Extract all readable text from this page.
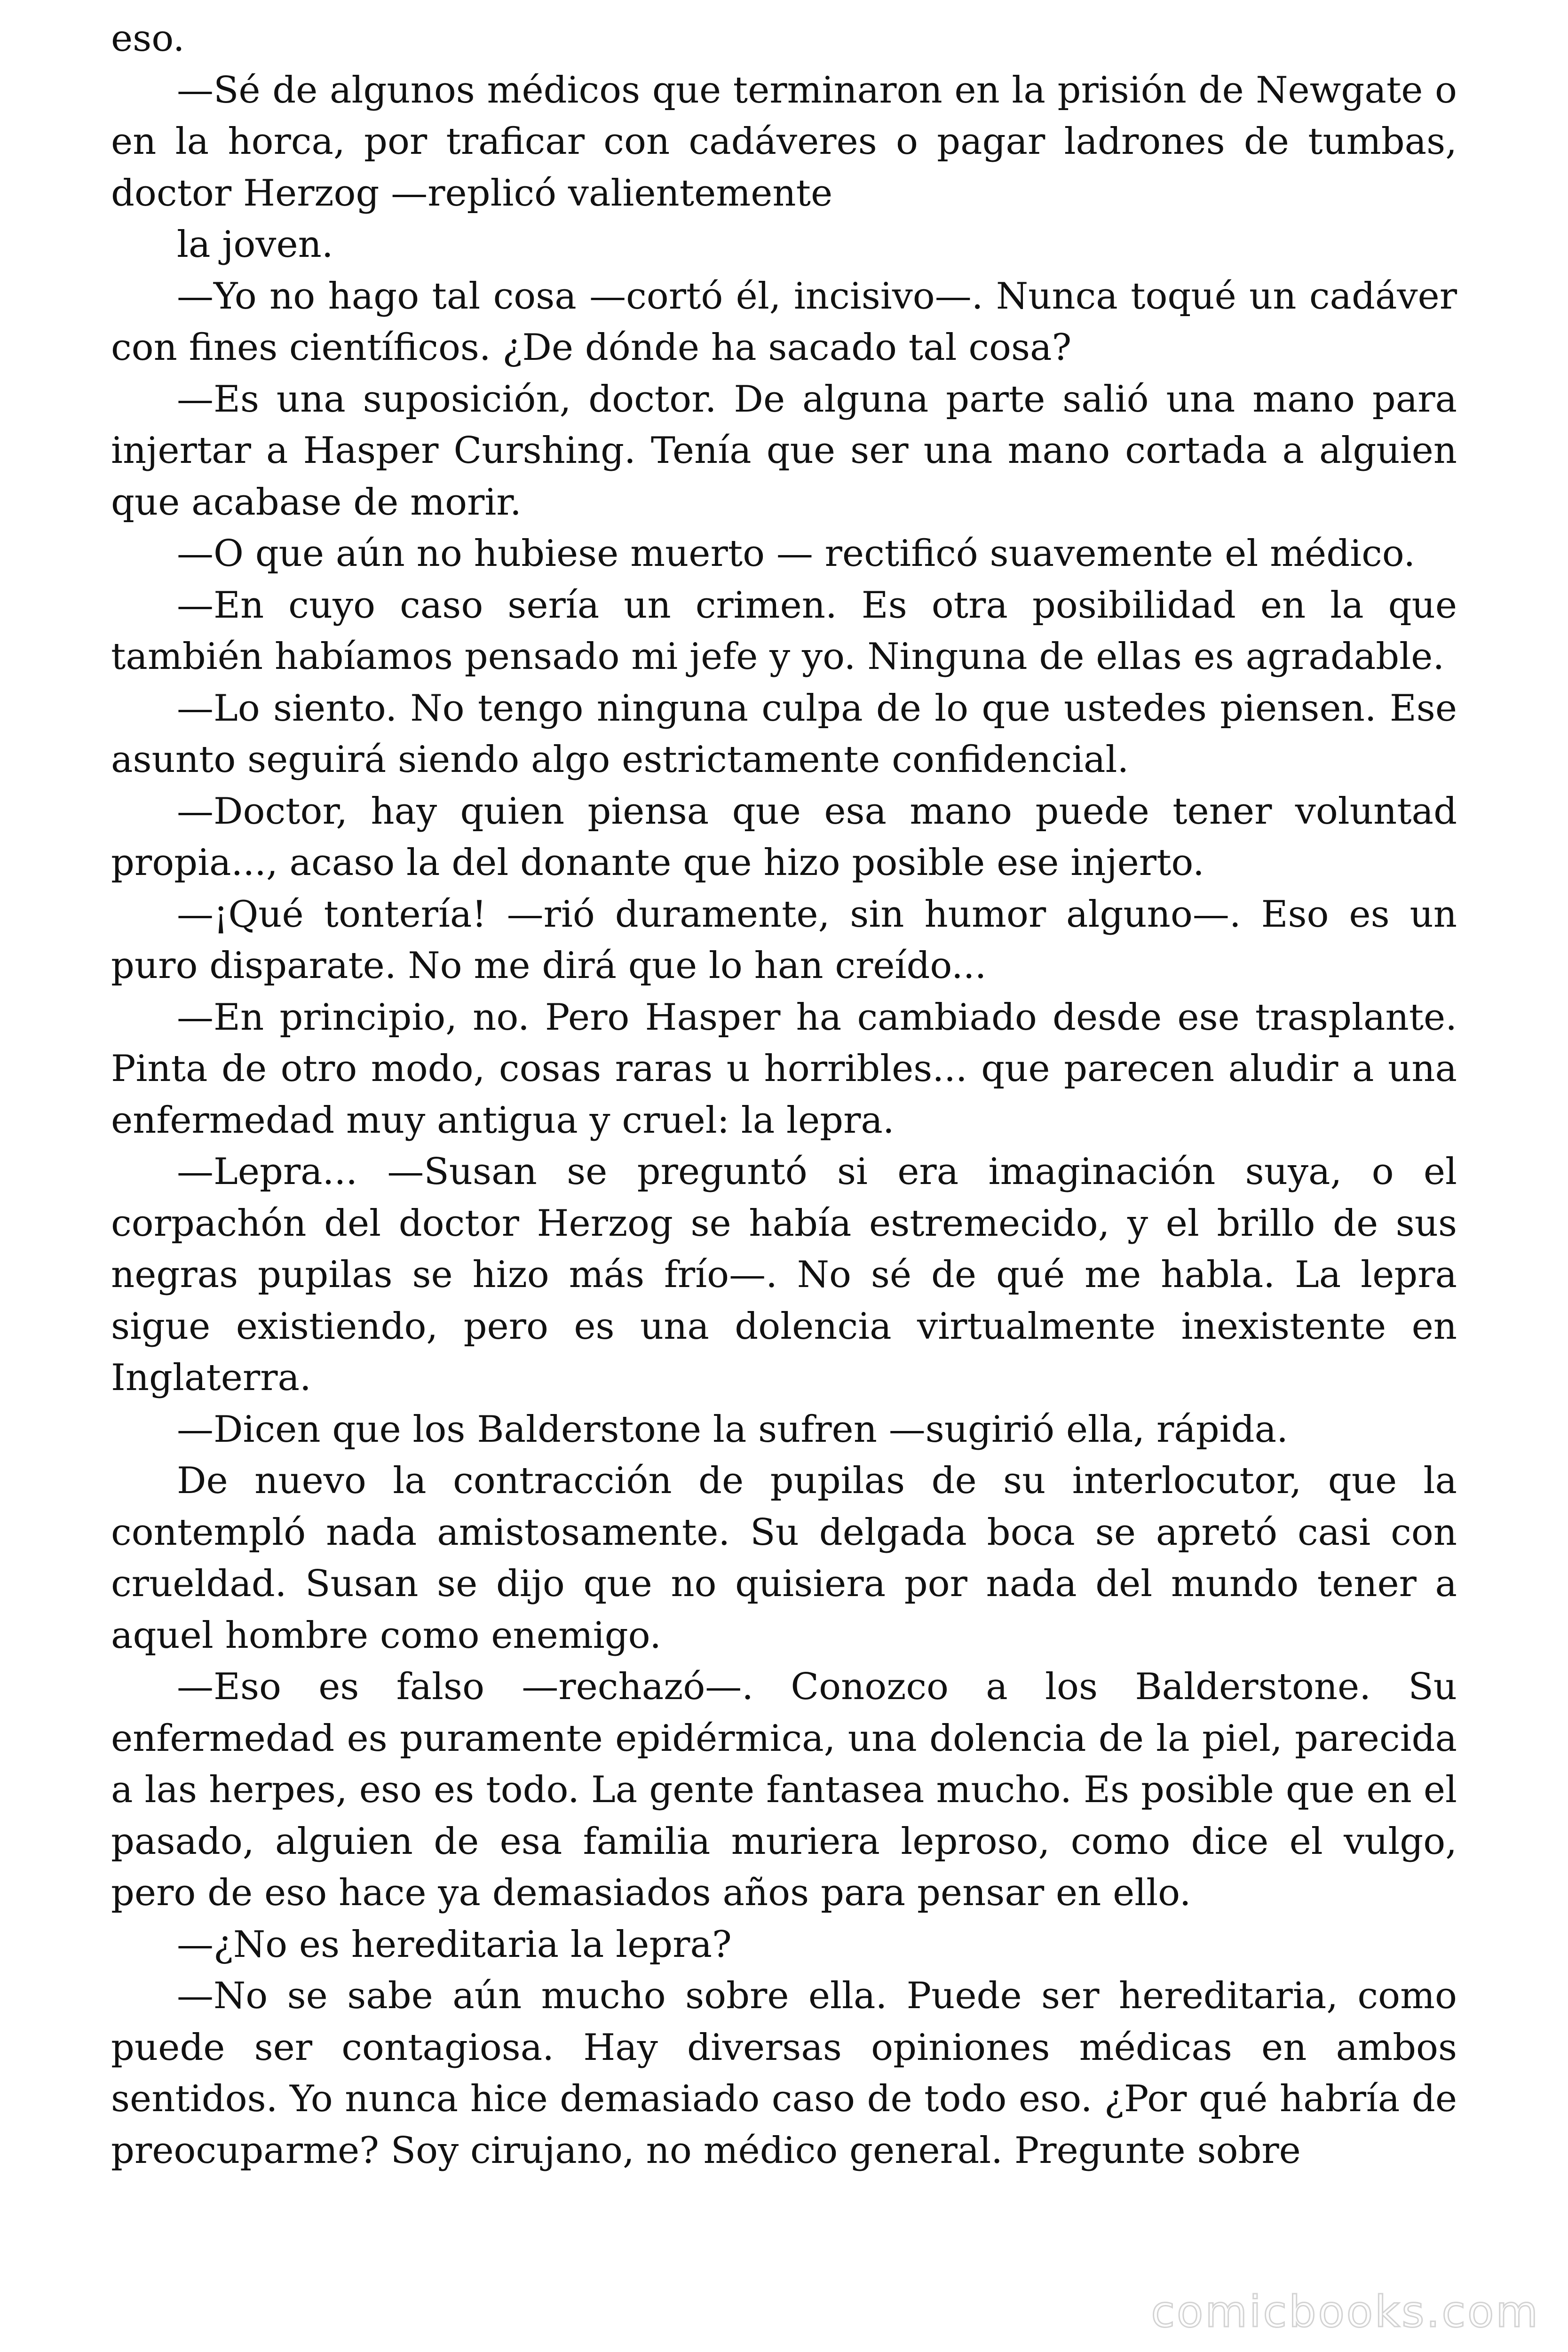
eso.

—Sé de algunos médicos que terminaron en la prisión de Newgate o en la horca, por traficar con cadáveres o pagar ladrones de tumbas, doctor Herzog —replicó valientemente

la joven.

—Yo no hago tal cosa —cortó él, incisivo—. Nunca toqué un cadáver con fines científicos. ¿De dónde ha sacado tal cosa?

—Es una suposición, doctor. De alguna parte salió una mano para injertar a Hasper Curshing. Tenía que ser una mano cortada a alguien que acabase de morir.

—O que aún no hubiese muerto — rectificó suavemente el médico.

—En cuyo caso sería un crimen. Es otra posibilidad en la que también habíamos pensado mi jefe y yo. Ninguna de ellas es agradable.

—Lo siento. No tengo ninguna culpa de lo que ustedes piensen. Ese asunto seguirá siendo algo estrictamente confidencial.

—Doctor, hay quien piensa que esa mano puede tener voluntad propia..., acaso la del donante que hizo posible ese injerto.

—¡Qué tontería! —rió duramente, sin humor alguno—. Eso es un puro disparate. No me dirá que lo han creído...

—En principio, no. Pero Hasper ha cambiado desde ese trasplante. Pinta de otro modo, cosas raras u horribles... que parecen aludir a una enfermedad muy antigua y cruel: la lepra.

—Lepra... —Susan se preguntó si era imaginación suya, o el corpachón del doctor Herzog se había estremecido, y el brillo de sus negras pupilas se hizo más frío—. No sé de qué me habla. La lepra sigue existiendo, pero es una dolencia virtualmente inexistente en Inglaterra.

—Dicen que los Balderstone la sufren —sugirió ella, rápida.

De nuevo la contracción de pupilas de su interlocutor, que la contempló nada amistosamente. Su delgada boca se apretó casi con crueldad. Susan se dijo que no quisiera por nada del mundo tener a aquel hombre como enemigo.

—Eso es falso —rechazó—. Conozco a los Balderstone. Su enfermedad es puramente epidérmica, una dolencia de la piel, parecida a las herpes, eso es todo. La gente fantasea mucho. Es posible que en el pasado, alguien de esa familia muriera leproso, como dice el vulgo, pero de eso hace ya demasiados años para pensar en ello.

—¿No es hereditaria la lepra?

—No se sabe aún mucho sobre ella. Puede ser hereditaria, como puede ser contagiosa. Hay diversas opiniones médicas en ambos sentidos. Yo nunca hice demasiado caso de todo eso. ¿Por qué habría de preocuparme? Soy cirujano, no médico general. Pregunte sobre

comicbooks.com
